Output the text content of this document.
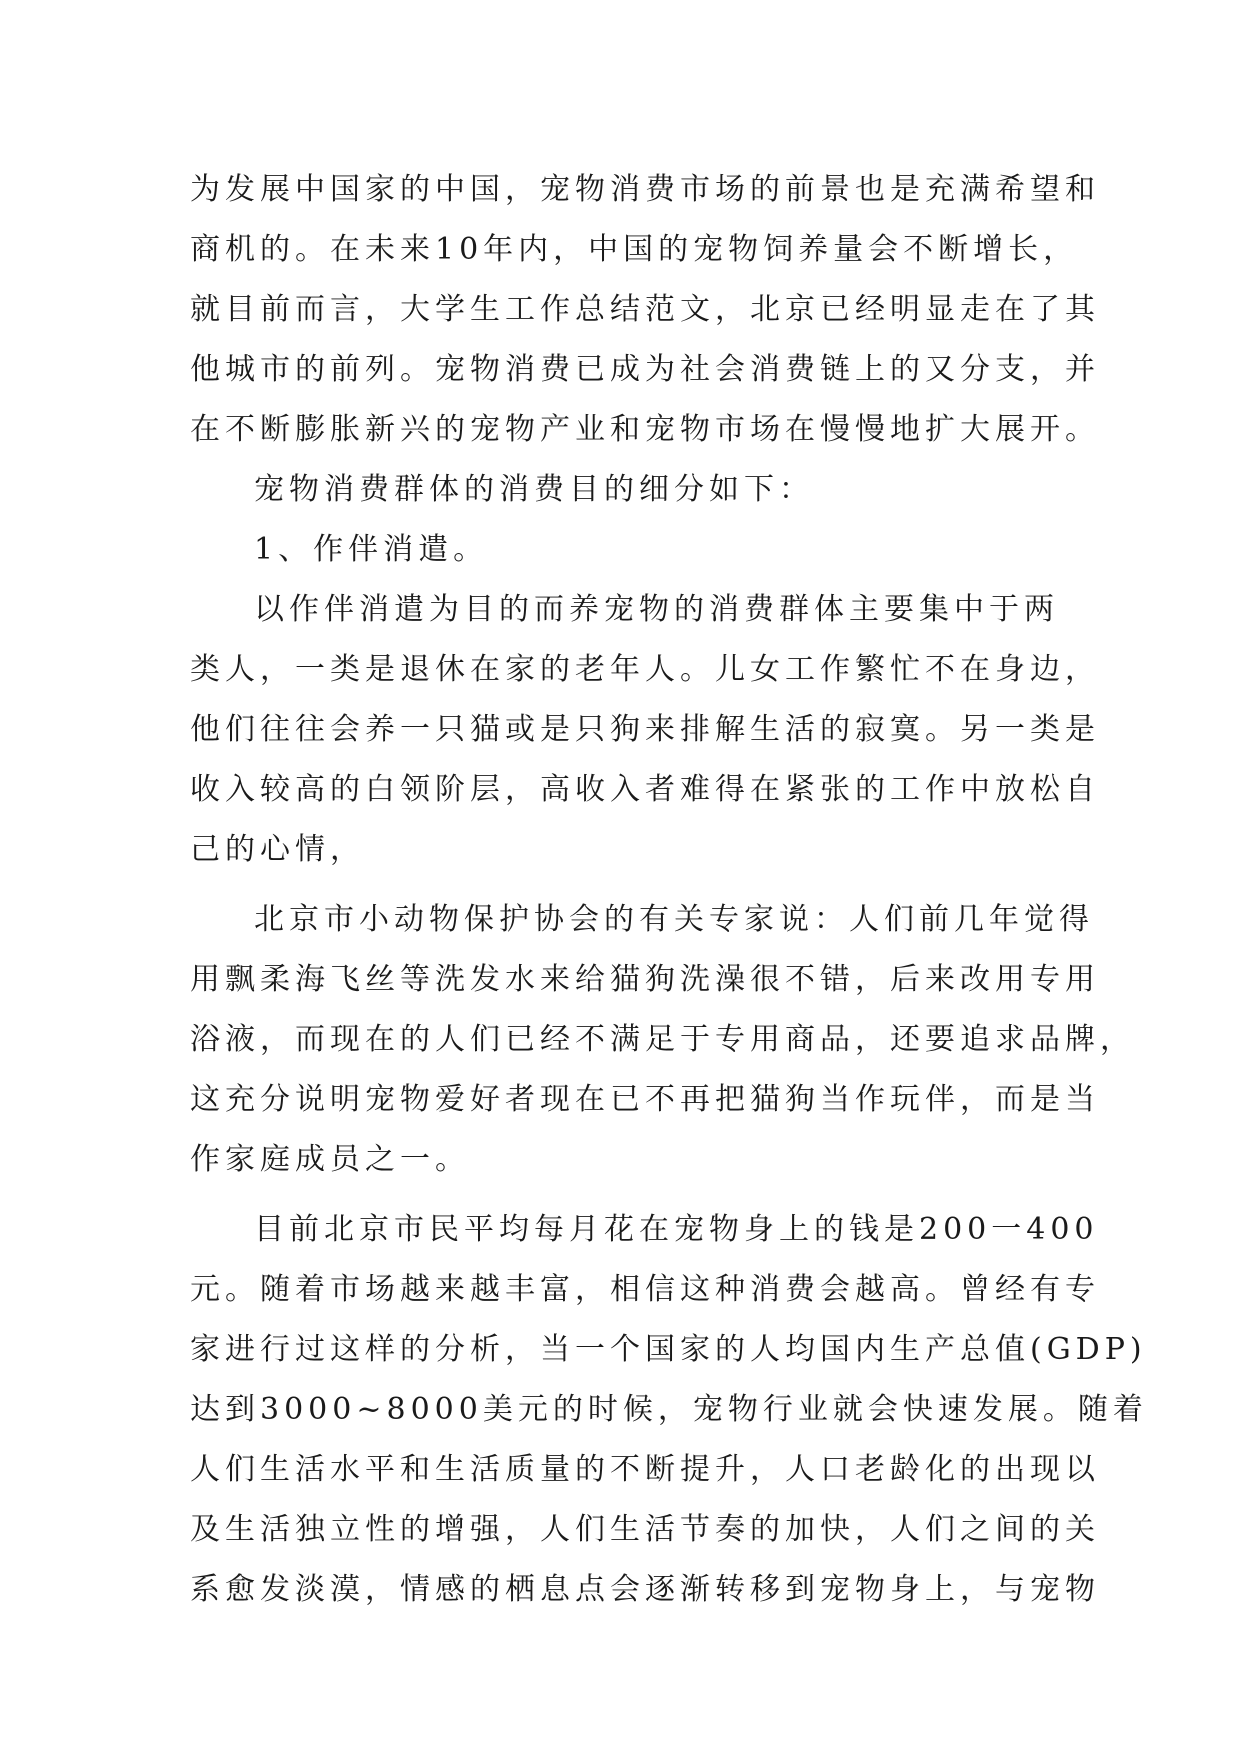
为发展中国家的中国，宠物消费市场的前景也是充满希望和
商机的。在未来10年内，中国的宠物饲养量会不断增长，
就目前而言，大学生工作总结范文，北京已经明显走在了其
他城市的前列。宠物消费已成为社会消费链上的又分支，并
在不断膨胀新兴的宠物产业和宠物市场在慢慢地扩大展开。
宠物消费群体的消费目的细分如下：
1、作伴消遣。
以作伴消遣为目的而养宠物的消费群体主要集中于两
类人，一类是退休在家的老年人。儿女工作繁忙不在身边，
他们往往会养一只猫或是只狗来排解生活的寂寞。另一类是
收入较高的白领阶层，高收入者难得在紧张的工作中放松自
己的心情，
北京市小动物保护协会的有关专家说：人们前几年觉得
用飘柔海飞丝等洗发水来给猫狗洗澡很不错，后来改用专用
浴液，而现在的人们已经不满足于专用商品，还要追求品牌，
这充分说明宠物爱好者现在已不再把猫狗当作玩伴，而是当
作家庭成员之一。
目前北京市民平均每月花在宠物身上的钱是200一400
元。随着市场越来越丰富，相信这种消费会越高。曾经有专
家进行过这样的分析，当一个国家的人均国内生产总值(GDP)
达到3000~8000美元的时候，宠物行业就会快速发展。随着
人们生活水平和生活质量的不断提升，人口老龄化的出现以
及生活独立性的增强，人们生活节奏的加快，人们之间的关
系愈发淡漠，情感的栖息点会逐渐转移到宠物身上，与宠物
